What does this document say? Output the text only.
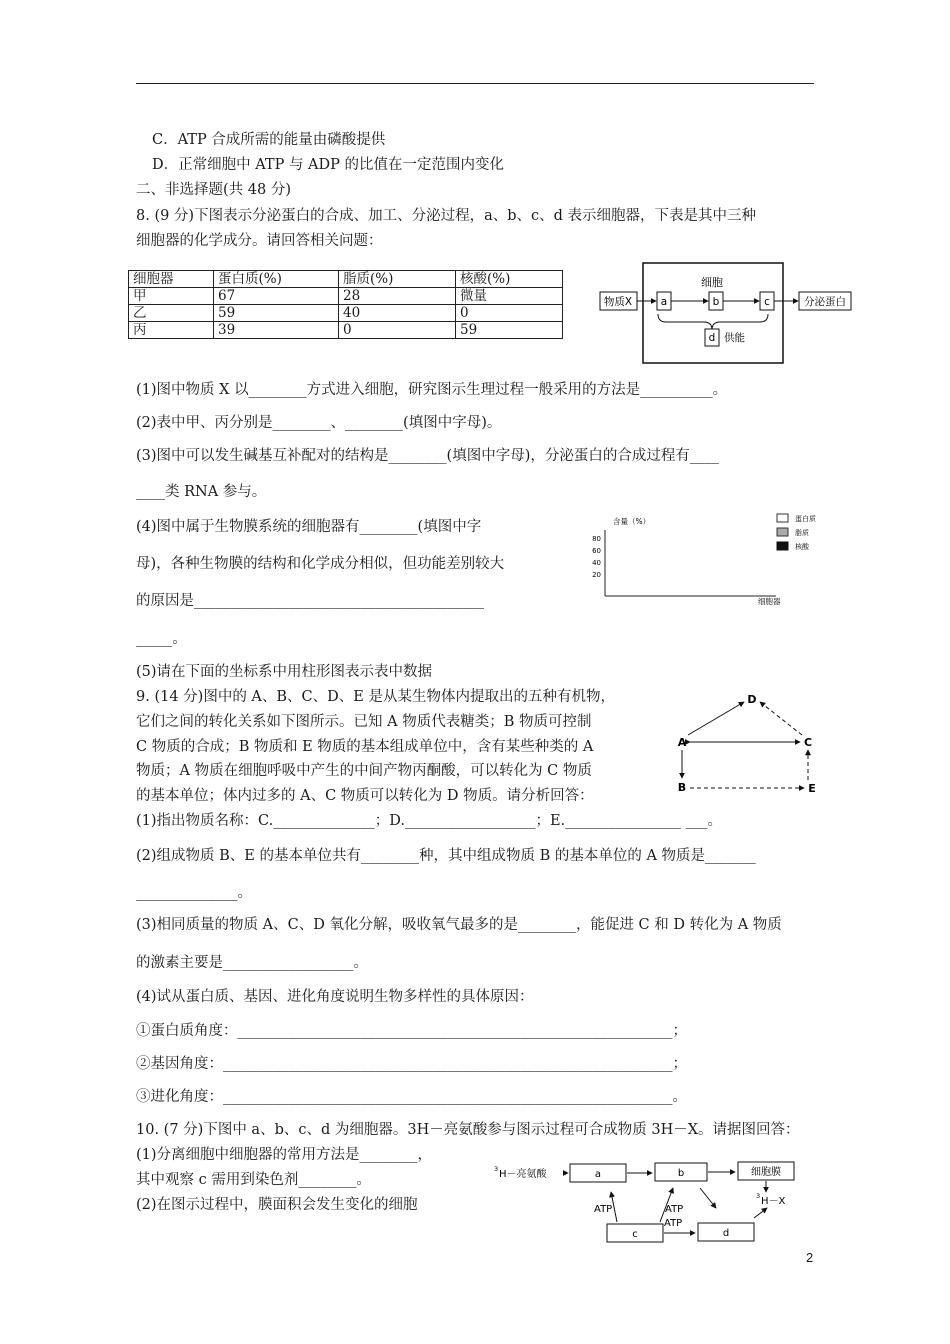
C．ATP 合成所需的能量由磷酸提供
D．正常细胞中 ATP 与 ADP 的比值在一定范围内变化
二、非选择题(共 48 分)
8. (9 分)下图表示分泌蛋白的合成、加工、分泌过程，a、b、c、d 表示细胞器，下表是其中三种
细胞器的化学成分。请回答相关问题：
细胞器	蛋白质(%)	脂质(%)	核酸(%)
甲	67	28	微量
乙	59	40	0
丙	39	0	59
细胞
物质X	a	b	c	分泌蛋白
d 供能
(1)图中物质 X 以________方式进入细胞，研究图示生理过程一般采用的方法是__________。
(2)表中甲、丙分别是________、________(填图中字母)。
(3)图中可以发生碱基互补配对的结构是________(填图中字母)，分泌蛋白的合成过程有____
____类 RNA 参与。
(4)图中属于生物膜系统的细胞器有________(填图中字
母)，各种生物膜的结构和化学成分相似，但功能差别较大
的原因是________________________________________
_____。
(5)请在下面的坐标系中用柱形图表示表中数据
含量（%）
80
60
40
20
细胞器
蛋白质
脂质
核酸
9. (14 分)图中的 A、B、C、D、E 是从某生物体内提取出的五种有机物，
它们之间的转化关系如下图所示。已知 A 物质代表糖类；B 物质可控制
C 物质的合成；B 物质和 E 物质的基本组成单位中，含有某些种类的 A
物质；A 物质在细胞呼吸中产生的中间产物丙酮酸，可以转化为 C 物质
的基本单位；体内过多的 A、C 物质可以转化为 D 物质。请分析回答：
(1)指出物质名称：C.______________；D.__________________；E.________________ ___。
(2)组成物质 B、E 的基本单位共有________种，其中组成物质 B 的基本单位的 A 物质是_______
______________。
(3)相同质量的物质 A、C、D 氧化分解，吸收氧气最多的是________，能促进 C 和 D 转化为 A 物质
的激素主要是__________________。
(4)试从蛋白质、基因、进化角度说明生物多样性的具体原因：
①蛋白质角度：____________________________________________________________；
②基因角度：______________________________________________________________；
③进化角度：______________________________________________________________。
D
A	C
B	E
10. (7 分)下图中 a、b、c、d 为细胞器。3H－亮氨酸参与图示过程可合成物质 3H－X。请据图回答：
(1)分离细胞中细胞器的常用方法是________，
其中观察 c 需用到染色剂________。
(2)在图示过程中，膜面积会发生变化的细胞
3 H－亮氨酸	a	b	细胞膜
3 H－X
c	d
ATP	ATP
ATP
2
